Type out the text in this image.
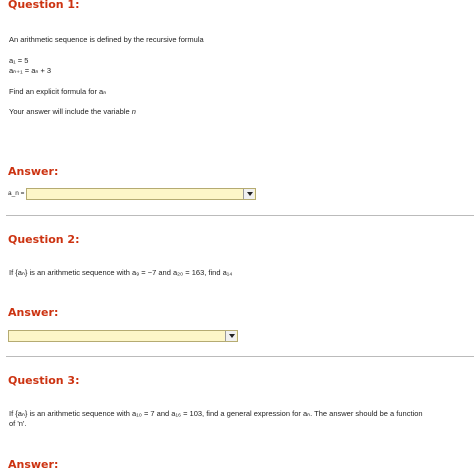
Question 1:
An arithmetic sequence is defined by the recursive formula
a₁ = 5
aₙ₊₁ = aₙ + 3
Find an explicit formula for aₙ
Your answer will include the variable n
Answer:
a_n =
Question 2:
If {aₙ} is an arithmetic sequence with a₉ = −7 and a₂₀ = 163, find a₁₄
Answer:
Question 3:
If {aₙ} is an arithmetic sequence with a₁₀ = 7 and a₁₆ = 103, find a general expression for aₙ. The answer should be a function of 'n'.
Answer:
